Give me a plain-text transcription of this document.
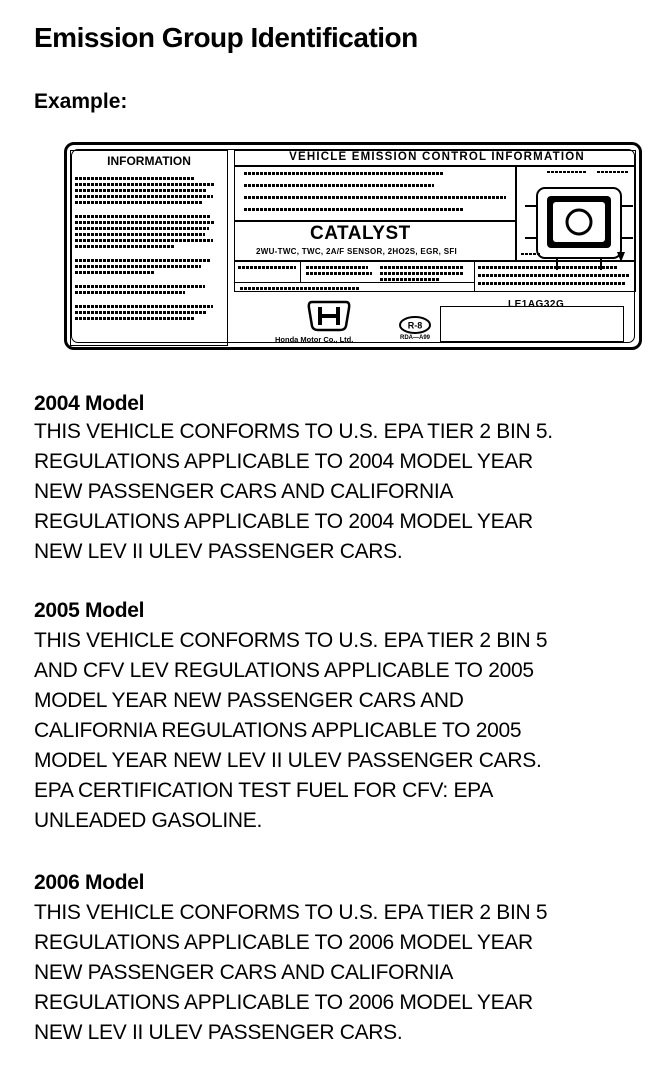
Emission Group Identification
Example:
INFORMATION	VEHICLE EMISSION CONTROL INFORMATION
CATALYST
2WU-TWC, TWC, 2A/F SENSOR, 2HO2S, EGR, SFI
Honda Motor Co., Ltd.
R-8
RDA—A99
LE1AG32G
2004 Model
THIS VEHICLE CONFORMS TO U.S. EPA TIER 2 BIN 5.
REGULATIONS APPLICABLE TO 2004 MODEL YEAR
NEW PASSENGER CARS AND CALIFORNIA
REGULATIONS APPLICABLE TO 2004 MODEL YEAR
NEW LEV II ULEV PASSENGER CARS.
2005 Model
THIS VEHICLE CONFORMS TO U.S. EPA TIER 2 BIN 5
AND CFV LEV REGULATIONS APPLICABLE TO 2005
MODEL YEAR NEW PASSENGER CARS AND
CALIFORNIA REGULATIONS APPLICABLE TO 2005
MODEL YEAR NEW LEV II ULEV PASSENGER CARS.
EPA CERTIFICATION TEST FUEL FOR CFV: EPA
UNLEADED GASOLINE.
2006 Model
THIS VEHICLE CONFORMS TO U.S. EPA TIER 2 BIN 5
REGULATIONS APPLICABLE TO 2006 MODEL YEAR
NEW PASSENGER CARS AND CALIFORNIA
REGULATIONS APPLICABLE TO 2006 MODEL YEAR
NEW LEV II ULEV PASSENGER CARS.
